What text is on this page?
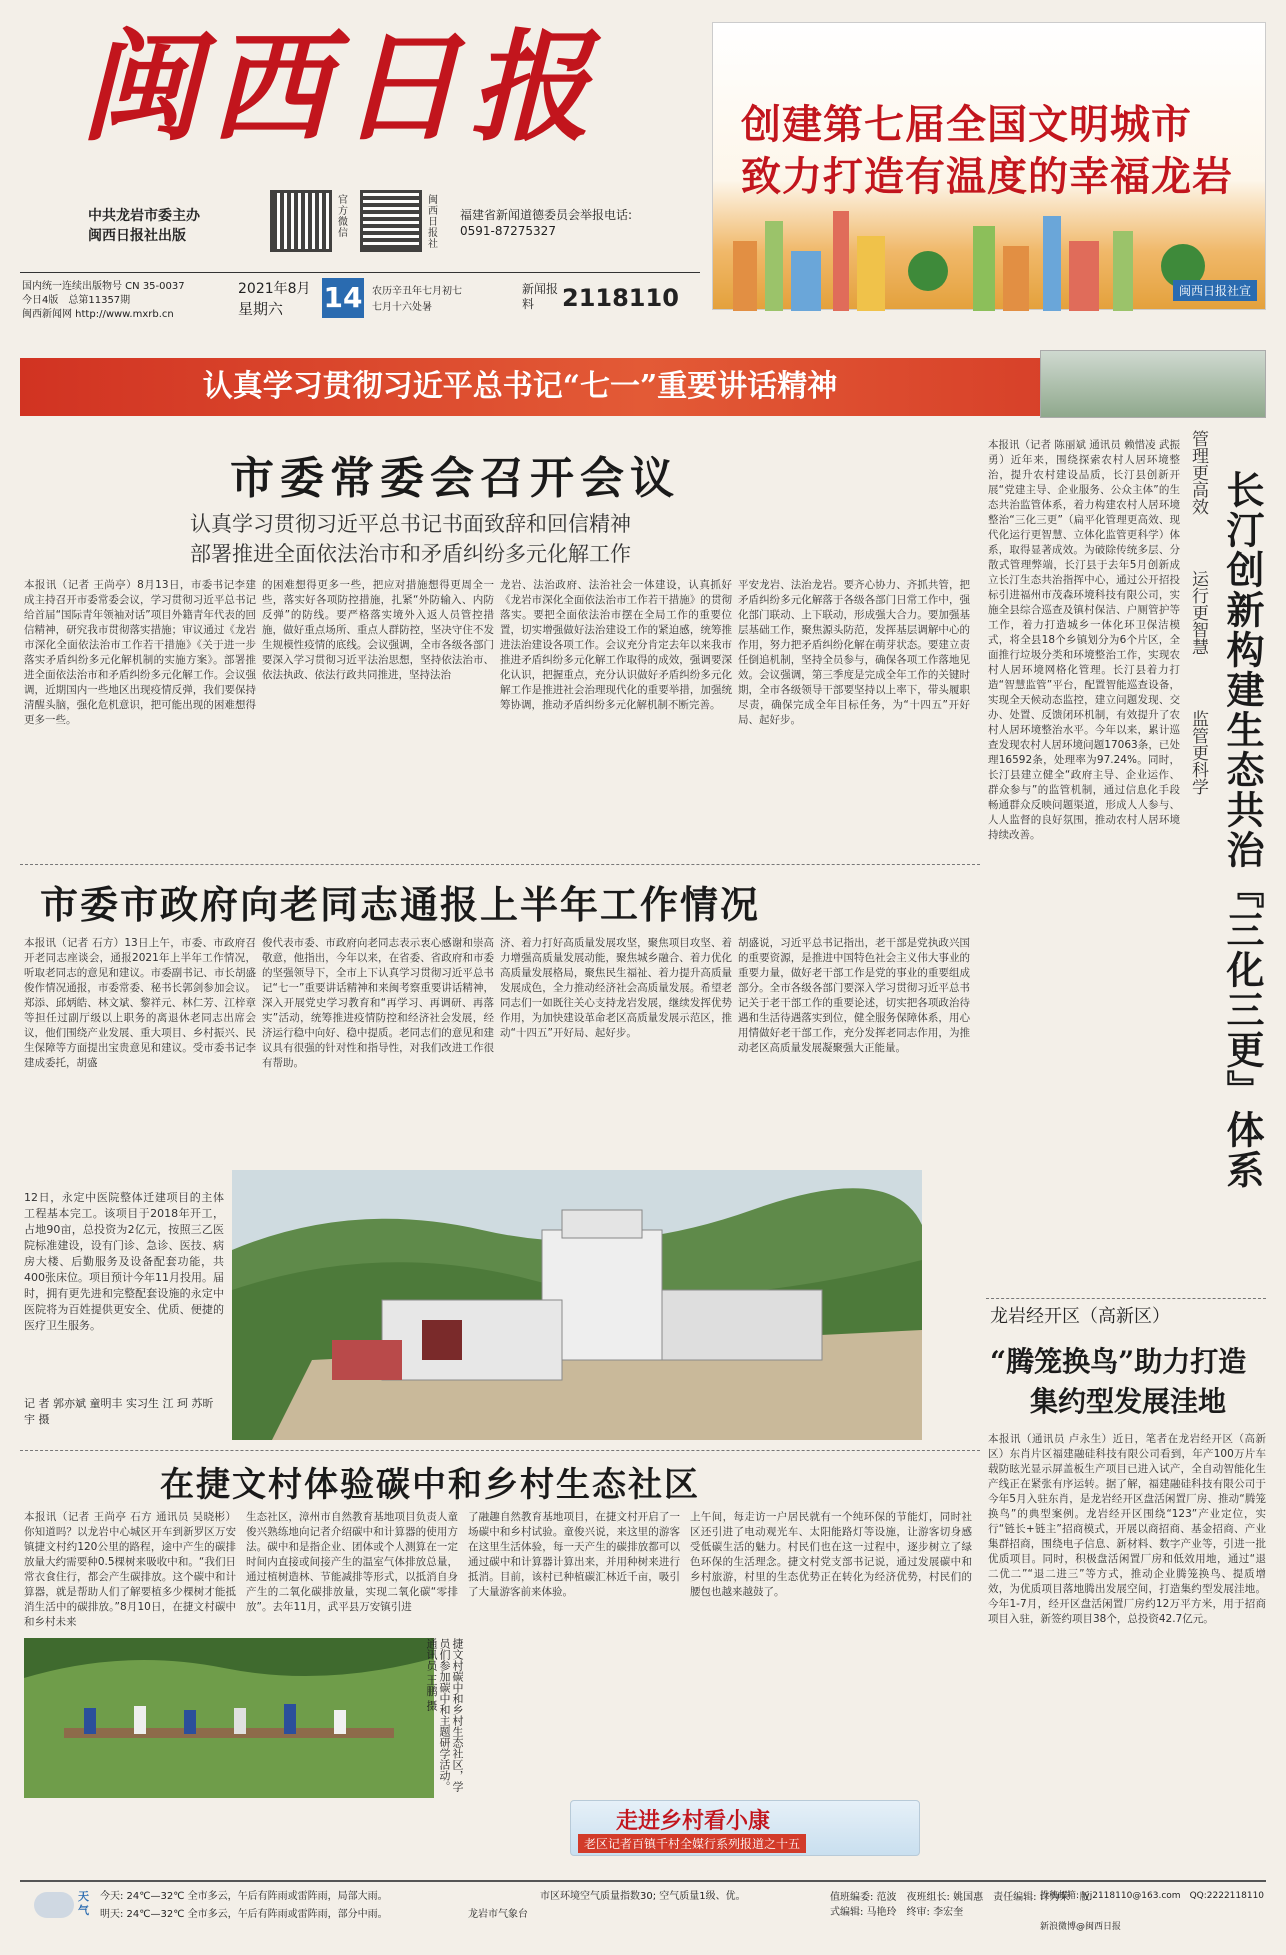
闽西日报
中共龙岩市委主办
闽西日报社出版
官方微信
闽西日报社
福建省新闻道德委员会举报电话:
0591-87275327
国内统一连续出版物号 CN 35-0037
今日4版　总第11357期
闽西新闻网 http://www.mxrb.cn
2021年8月
星期六 14 农历辛丑年七月初七
七月十六处暑
新闻报料	2118110
创建第七届全国文明城市
致力打造有温度的幸福龙岩
闽西日报社宣
认真学习贯彻习近平总书记“七一”重要讲话精神
市委常委会召开会议
认真学习贯彻习近平总书记书面致辞和回信精神
部署推进全面依法治市和矛盾纠纷多元化解工作
本报讯（记者 王尚亭）8月13日，市委书记李建成主持召开市委常委会议，学习贯彻习近平总书记给首届“国际青年领袖对话”项目外籍青年代表的回信精神，研究我市贯彻落实措施；审议通过《龙岩市深化全面依法治市工作若干措施》《关于进一步落实矛盾纠纷多元化解机制的实施方案》。部署推进全面依法治市和矛盾纠纷多元化解工作。会议强调，近期国内一些地区出现疫情反弹，我们要保持清醒头脑，强化危机意识，把可能出现的困难想得更多一些。
的困难想得更多一些，把应对措施想得更周全一些，落实好各项防控措施，扎紧“外防输入、内防反弹”的防线。要严格落实境外入返人员管控措施，做好重点场所、重点人群防控，坚决守住不发生规模性疫情的底线。会议强调，全市各级各部门要深入学习贯彻习近平法治思想，坚持依法治市、依法执政、依法行政共同推进，坚持法治
龙岩、法治政府、法治社会一体建设，认真抓好《龙岩市深化全面依法治市工作若干措施》的贯彻落实。要把全面依法治市摆在全局工作的重要位置，切实增强做好法治建设工作的紧迫感，统筹推进法治建设各项工作。会议充分肯定去年以来我市推进矛盾纠纷多元化解工作取得的成效，强调要深化认识，把握重点，充分认识做好矛盾纠纷多元化解工作是推进社会治理现代化的重要举措，加强统筹协调，推动矛盾纠纷多元化解机制不断完善。
平安龙岩、法治龙岩。要齐心协力、齐抓共管，把矛盾纠纷多元化解落于各级各部门日常工作中，强化部门联动、上下联动，形成强大合力。要加强基层基础工作，聚焦源头防范，发挥基层调解中心的作用，努力把矛盾纠纷化解在萌芽状态。要建立责任倒追机制，坚持全员参与，确保各项工作落地见效。会议强调，第三季度是完成全年工作的关键时期，全市各级领导干部要坚持以上率下，带头履职尽责，确保完成全年目标任务，为“十四五”开好局、起好步。
市委市政府向老同志通报上半年工作情况
本报讯（记者 石方）13日上午，市委、市政府召开老同志座谈会，通报2021年上半年工作情况，听取老同志的意见和建议。市委副书记、市长胡盛俊作情况通报，市委常委、秘书长郭剑参加会议。郑添、邱炳皓、林文斌、黎祥元、林仁芳、江梓章等担任过副厅级以上职务的离退休老同志出席会议，他们围绕产业发展、重大项目、乡村振兴、民生保障等方面提出宝贵意见和建议。受市委书记李建成委托，胡盛
俊代表市委、市政府向老同志表示衷心感谢和崇高敬意，他指出，今年以来，在省委、省政府和市委的坚强领导下，全市上下认真学习贯彻习近平总书记“七一”重要讲话精神和来闽考察重要讲话精神，深入开展党史学习教育和“再学习、再调研、再落实”活动，统筹推进疫情防控和经济社会发展，经济运行稳中向好、稳中提质。老同志们的意见和建议具有很强的针对性和指导性，对我们改进工作很有帮助。
济、着力打好高质量发展攻坚，聚焦项目攻坚、着力增强高质量发展动能，聚焦城乡融合、着力优化高质量发展格局，聚焦民生福祉、着力提升高质量发展成色，全力推动经济社会高质量发展。希望老同志们一如既往关心支持龙岩发展，继续发挥优势作用，为加快建设革命老区高质量发展示范区，推动“十四五”开好局、起好步。
胡盛说，习近平总书记指出，老干部是党执政兴国的重要资源，是推进中国特色社会主义伟大事业的重要力量，做好老干部工作是党的事业的重要组成部分。全市各级各部门要深入学习贯彻习近平总书记关于老干部工作的重要论述，切实把各项政治待遇和生活待遇落实到位，健全服务保障体系，用心用情做好老干部工作，充分发挥老同志作用，为推动老区高质量发展凝聚强大正能量。
12日，永定中医院整体迁建项目的主体工程基本完工。该项目于2018年开工，占地90亩，总投资为2亿元，按照三乙医院标准建设，设有门诊、急诊、医技、病房大楼、后勤服务及设备配套功能，共400张床位。项目预计今年11月投用。届时，拥有更先进和完整配套设施的永定中医院将为百姓提供更安全、优质、便捷的医疗卫生服务。
记 者 郭亦斌 童明丰 实习生 江 珂 苏昕宇 摄
本报讯（记者 陈丽斌 通讯员 赖惜凌 武振勇）近年来，围绕探索农村人居环境整治，提升农村建设品质，长汀县创新开展“党建主导、企业服务、公众主体”的生态共治监管体系，着力构建农村人居环境整治“三化三更”（扁平化管理更高效、现代化运行更智慧、立体化监管更科学）体系，取得显著成效。为破除传统多层、分散式管理弊端，长汀县于去年5月创新成立长汀生态共治指挥中心，通过公开招投标引进福州市茂森环境科技有限公司，实施全县综合巡查及镇村保洁、户厕管护等工作，着力打造城乡一体化环卫保洁模式，将全县18个乡镇划分为6个片区，全面推行垃圾分类和环境整治工作，实现农村人居环境网格化管理。长汀县着力打造“智慧监管”平台，配置智能巡查设备，实现全天候动态监控，建立问题发现、交办、处置、反馈闭环机制，有效提升了农村人居环境整治水平。今年以来，累计巡查发现农村人居环境问题17063条，已处理16592条，处理率为97.24%。同时，长汀县建立健全“政府主导、企业运作、群众参与”的监管机制，通过信息化手段畅通群众反映问题渠道，形成人人参与、人人监督的良好氛围，推动农村人居环境持续改善。
管理更高效
运行更智慧
监管更科学 长汀创新构建生态共治『三化三更』体系
龙岩经开区（高新区）
“腾笼换鸟”助力打造
集约型发展洼地
本报讯（通讯员 卢永生）近日，笔者在龙岩经开区（高新区）东肖片区福建融硅科技有限公司看到，年产100万片车载防眩光显示屏盖板生产项目已进入试产，全自动智能化生产线正在紧张有序运转。据了解，福建融硅科技有限公司于今年5月入驻东肖，是龙岩经开区盘活闲置厂房、推动“腾笼换鸟”的典型案例。龙岩经开区围绕“123”产业定位，实行“链长+链主”招商模式，开展以商招商、基金招商、产业集群招商，围绕电子信息、新材料、数字产业等，引进一批优质项目。同时，积极盘活闲置厂房和低效用地，通过“退二优二”“退二进三”等方式，推动企业腾笼换鸟、提质增效，为优质项目落地腾出发展空间，打造集约型发展洼地。今年1-7月，经开区盘活闲置厂房约12万平方米，用于招商项目入驻，新签约项目38个，总投资42.7亿元。
在捷文村体验碳中和乡村生态社区
本报讯（记者 王尚亭 石方 通讯员 吴晓彬）你知道吗？以龙岩中心城区开车到新罗区万安镇捷文村约120公里的路程，途中产生的碳排放量大约需要种0.5棵树来吸收中和。“我们日常衣食住行，都会产生碳排放。这个碳中和计算器，就是帮助人们了解要植多少棵树才能抵消生活中的碳排放。”8月10日，在捷文村碳中和乡村未来
生态社区，漳州市自然教育基地项目负责人童俊兴熟练地向记者介绍碳中和计算器的使用方法。碳中和是指企业、团体或个人测算在一定时间内直接或间接产生的温室气体排放总量，通过植树造林、节能减排等形式，以抵消自身产生的二氧化碳排放量，实现二氧化碳“零排放”。去年11月，武平县万安镇引进
了融趣自然教育基地项目，在捷文村开启了一场碳中和乡村试验。童俊兴说，来这里的游客在这里生活体验，每一天产生的碳排放都可以通过碳中和计算器计算出来，并用种树来进行抵消。目前，该村已种植碳汇林近千亩，吸引了大量游客前来体验。
上午间，每走访一户居民就有一个纯环保的节能灯，同时社区还引进了电动观光车、太阳能路灯等设施，让游客切身感受低碳生活的魅力。村民们也在这一过程中，逐步树立了绿色环保的生活理念。捷文村党支部书记说，通过发展碳中和乡村旅游，村里的生态优势正在转化为经济优势，村民们的腰包也越来越鼓了。
捷文村碳中和乡村生态社区，学员们参加碳中和主题研学活动。通讯员 王鹏 摄
走进乡村看小康
老区记者百镇千村全媒行系列报道之十五
天气
今天: 24℃—32℃ 全市多云，午后有阵雨或雷阵雨，局部大雨。
明天: 24℃—32℃ 全市多云，午后有阵雨或雷阵雨，部分中雨。	龙岩市气象台
市区环境空气质量指数30; 空气质量1级、优。	值班编委: 范波　夜班组长: 姚国惠　责任编辑: 许为荣　版式编辑: 马艳玲　终审: 李宏奎
投稿邮箱: lyj2118110@163.com　QQ:2222118110
新浪微博@闽西日报
